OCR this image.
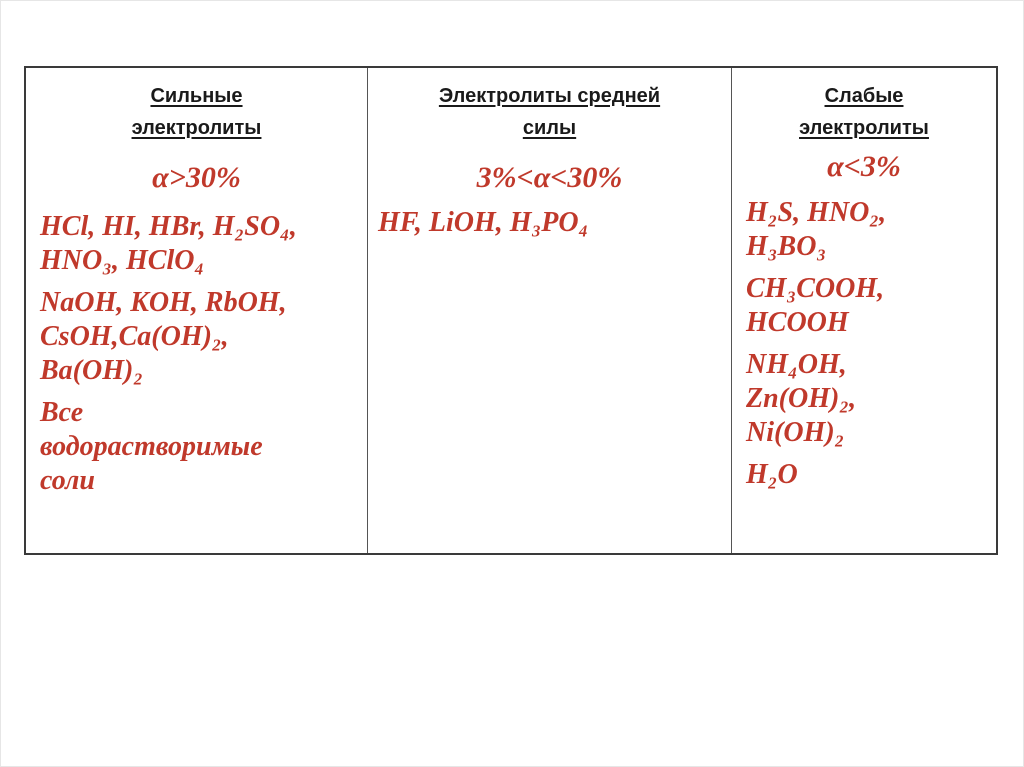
Сильные
электролиты
α>30%
HCl, HI, HBr, H₂SO₄,
HNO₃, HClO₄
NaOH, KOH, RbOH,
CsOH,Ca(OH)₂,
Ba(OH)₂
Все
водорастворимые
соли
Электролиты средней
силы
3%<α<30%
HF, LiOH, H₃PO₄
Слабые
электролиты
α<3%
H₂S, HNO₂,
H₃BO₃
CH₃COOH,
HCOOH
NH₄OH,
Zn(OH)₂,
Ni(OH)₂
H₂O
